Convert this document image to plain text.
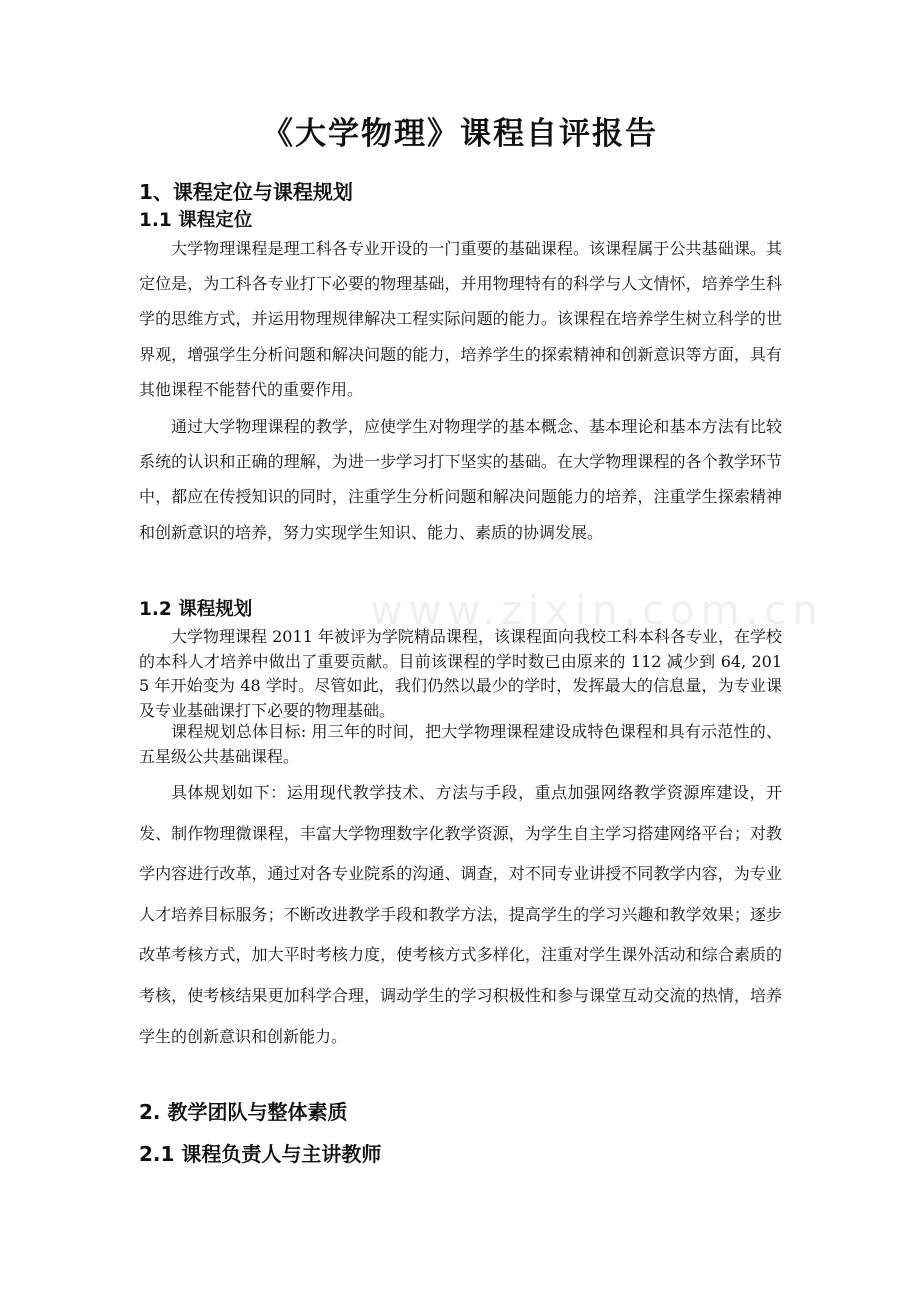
www.zixin.com.cn
《大学物理》课程自评报告
1、课程定位与课程规划
1.1 课程定位
大学物理课程是理工科各专业开设的一门重要的基础课程。该课程属于公共基础课。其定位是，为工科各专业打下必要的物理基础，并用物理特有的科学与人文情怀，培养学生科学的思维方式，并运用物理规律解决工程实际问题的能力。该课程在培养学生树立科学的世界观，增强学生分析问题和解决问题的能力，培养学生的探索精神和创新意识等方面，具有其他课程不能替代的重要作用。
通过大学物理课程的教学，应使学生对物理学的基本概念、基本理论和基本方法有比较系统的认识和正确的理解，为进一步学习打下坚实的基础。在大学物理课程的各个教学环节中，都应在传授知识的同时，注重学生分析问题和解决问题能力的培养，注重学生探索精神和创新意识的培养，努力实现学生知识、能力、素质的协调发展。
1.2 课程规划
大学物理课程 2011 年被评为学院精品课程，该课程面向我校工科本科各专业，在学校的本科人才培养中做出了重要贡献。目前该课程的学时数已由原来的 112 减少到 64, 2015 年开始变为 48 学时。尽管如此，我们仍然以最少的学时，发挥最大的信息量，为专业课及专业基础课打下必要的物理基础。
课程规划总体目标: 用三年的时间，把大学物理课程建设成特色课程和具有示范性的、五星级公共基础课程。
具体规划如下：运用现代教学技术、方法与手段，重点加强网络教学资源库建设，开发、制作物理微课程，丰富大学物理数字化教学资源，为学生自主学习搭建网络平台；对教学内容进行改革，通过对各专业院系的沟通、调查，对不同专业讲授不同教学内容，为专业人才培养目标服务；不断改进教学手段和教学方法，提高学生的学习兴趣和教学效果；逐步改革考核方式，加大平时考核力度，使考核方式多样化，注重对学生课外活动和综合素质的考核，使考核结果更加科学合理，调动学生的学习积极性和参与课堂互动交流的热情，培养学生的创新意识和创新能力。
2. 教学团队与整体素质
2.1 课程负责人与主讲教师
